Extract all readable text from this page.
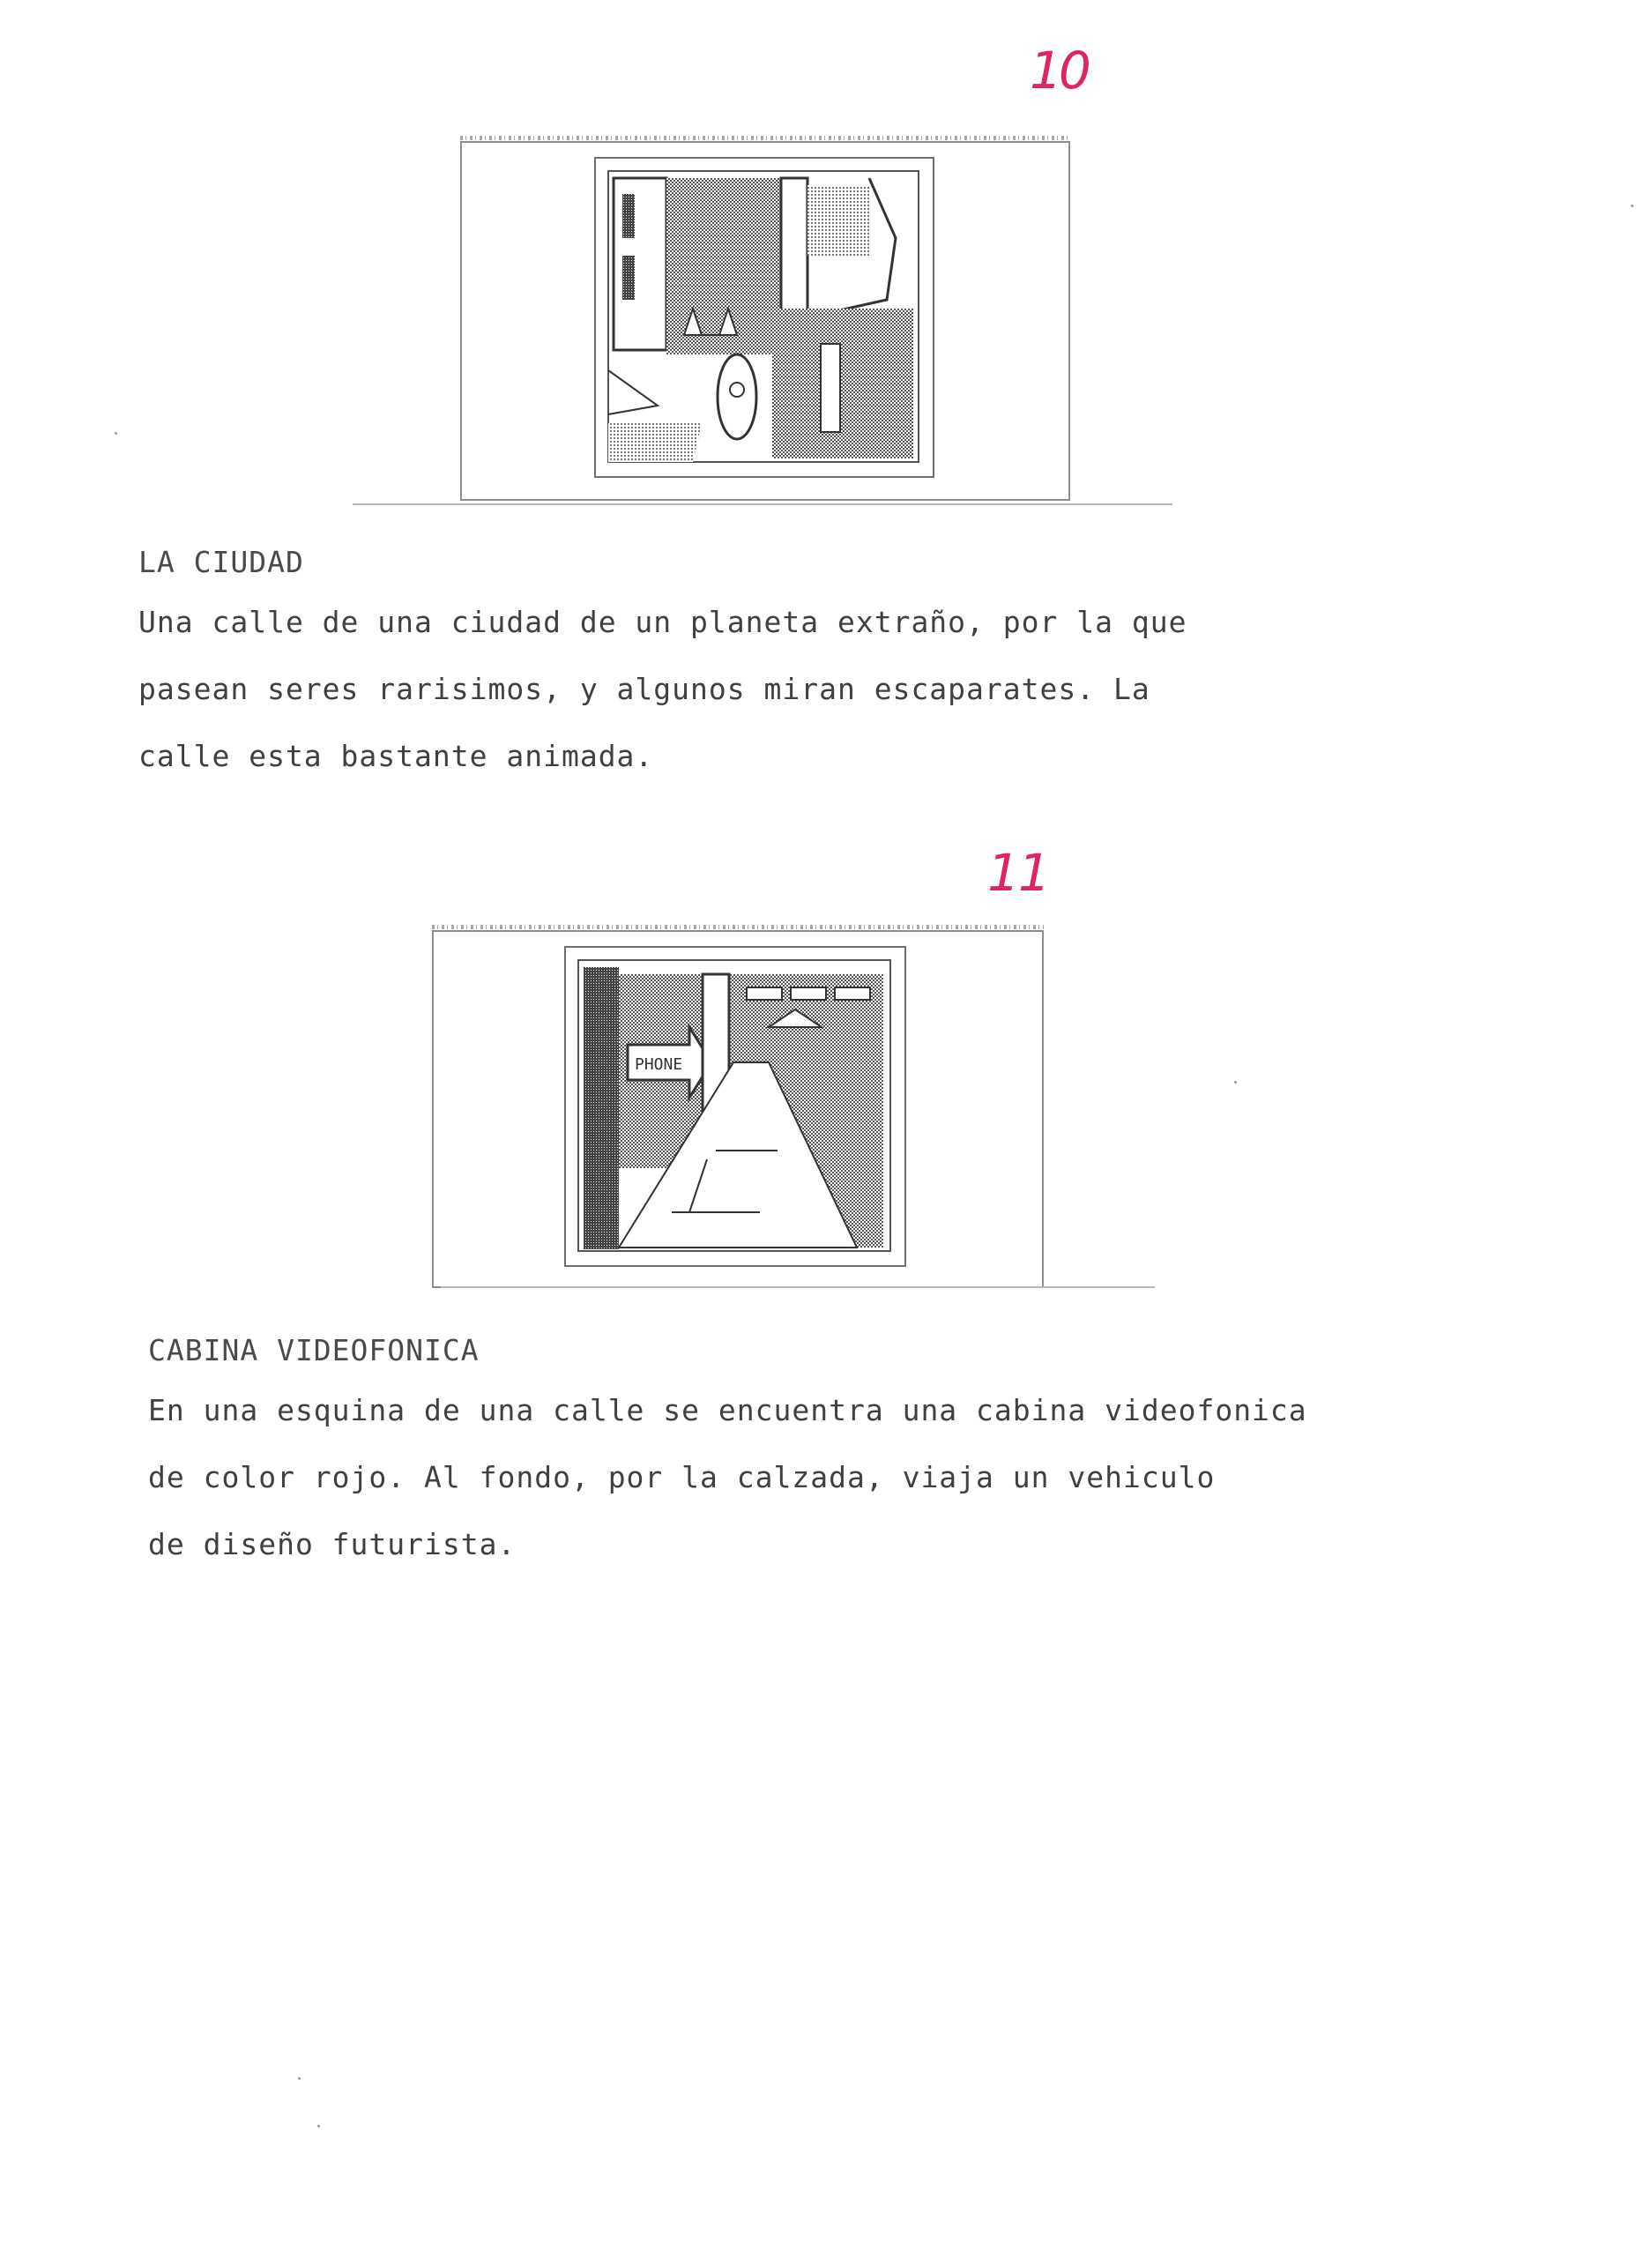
10
LA CIUDAD

Una calle de una ciudad de un planeta extraño, por la que

pasean seres rarisimos, y algunos miran escaparates. La

calle esta bastante animada.

11
PHONE
CABINA VIDEOFONICA

En una esquina de una calle se encuentra una cabina videofonica

de color rojo. Al fondo, por la calzada, viaja un vehiculo

de diseño futurista.
